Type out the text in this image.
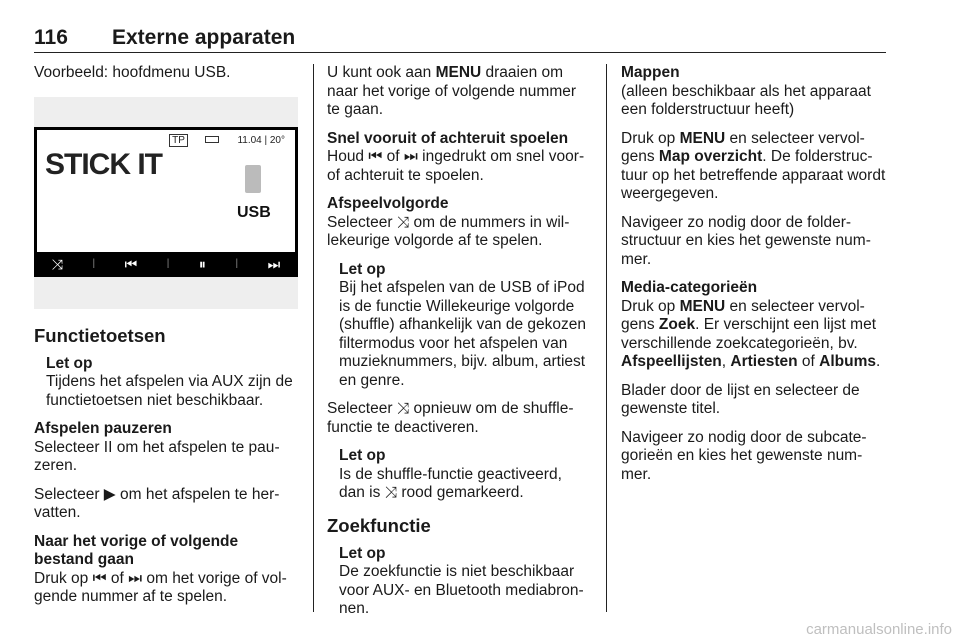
116 Externe apparaten

Voorbeeld: hoofdmenu USB.

TP	11.04 | 20°
STICK IT
USB
⤨	| ⏮	| ⏸	| ⏭
Functietoetsen
Let op
Tijdens het afspelen via AUX zijn de functietoetsen niet beschikbaar.
Afspelen pauzeren

Selecteer II om het afspelen te pauzeren.

Selecteer ▶ om het afspelen te hervatten.

Naar het vorige of volgende bestand gaan

Druk op ⏮ of ⏭ om het vorige of volgende nummer af te spelen.

U kunt ook aan MENU draaien om naar het vorige of volgende nummer te gaan.

Snel vooruit of achteruit spoelen

Houd ⏮ of ⏭ ingedrukt om snel voorof achteruit te spoelen.

Afspeelvolgorde

Selecteer ⤨ om de nummers in willekeurige volgorde af te spelen.

Let op
Bij het afspelen van de USB of iPod is de functie Willekeurige volgorde (shuffle) afhankelijk van de gekozen filtermodus voor het afspelen van muzieknummers, bijv. album, artiest en genre.

Selecteer ⤨ opnieuw om de shuffle-functie te deactiveren.

Let op
Is de shuffle-functie geactiveerd, dan is ⤨ rood gemarkeerd.
Zoekfunctie
Let op
De zoekfunctie is niet beschikbaar voor AUX- en Bluetooth mediabronnen.
Mappen

(alleen beschikbaar als het apparaat een folderstructuur heeft)

Druk op MENU en selecteer vervolgens Map overzicht. De folderstructuur op het betreffende apparaat wordt weergegeven.

Navigeer zo nodig door de folderstructuur en kies het gewenste nummer.

Media-categorieën

Druk op MENU en selecteer vervolgens Zoek. Er verschijnt een lijst met verschillende zoekcategorieën, bv. Afspeellijsten, Artiesten of Albums.

Blader door de lijst en selecteer de gewenste titel.

Navigeer zo nodig door de subcategorieën en kies het gewenste nummer.

carmanualsonline.info
